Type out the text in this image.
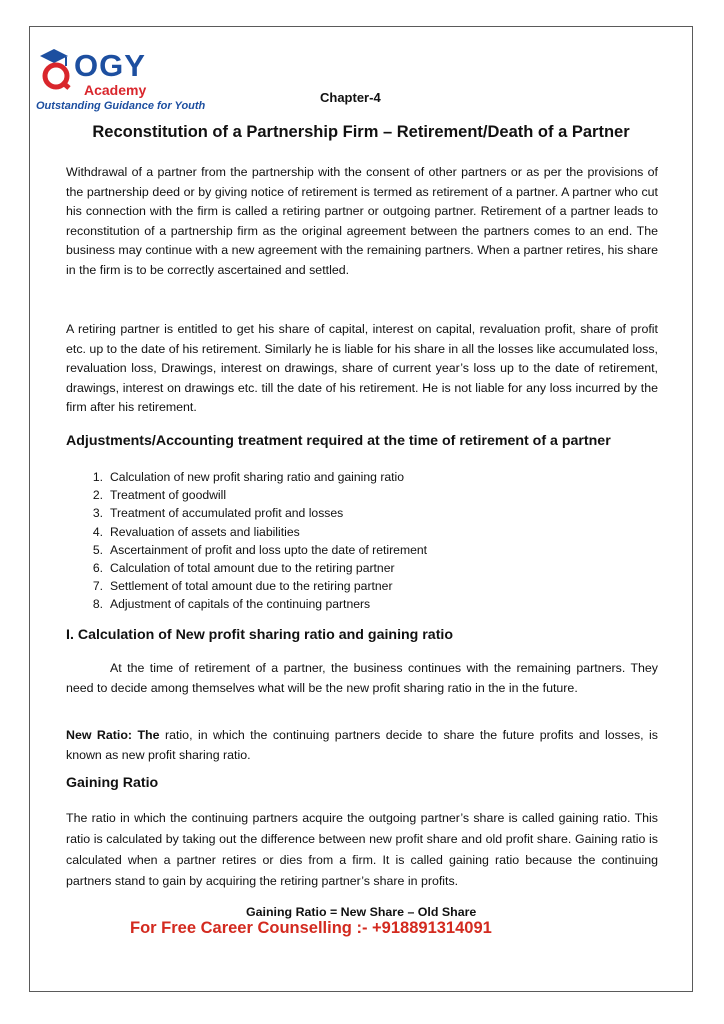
OGY
Academy
Outstanding Guidance for Youth
Chapter-4
Reconstitution of a Partnership Firm – Retirement/Death of a Partner

Withdrawal of a partner from the partnership with the consent of other partners or as per the provisions of the partnership deed or by giving notice of retirement is termed as retirement of a partner. A partner who cut his connection with the firm is called a retiring partner or outgoing partner. Retirement of a partner leads to reconstitution of a partnership firm as the original agreement between the partners comes to an end. The business may continue with a new agreement with the remaining partners. When a partner retires, his share in the firm is to be correctly ascertained and settled.

A retiring partner is entitled to get his share of capital, interest on capital, revaluation profit, share of profit etc. up to the date of his retirement. Similarly he is liable for his share in all the losses like accumulated loss, revaluation loss, Drawings, interest on drawings, share of current year’s loss up to the date of retirement, drawings, interest on drawings etc. till the date of his retirement. He is not liable for any loss incurred by the firm after his retirement.

Adjustments/Accounting treatment required at the time of retirement of a partner
1. Calculation of new profit sharing ratio and gaining ratio
2. Treatment of goodwill
3. Treatment of accumulated profit and losses
4. Revaluation of assets and liabilities
5. Ascertainment of profit and loss upto the date of retirement
6. Calculation of total amount due to the retiring partner
7. Settlement of total amount due to the retiring partner
8. Adjustment of capitals of the continuing partners
I. Calculation of New profit sharing ratio and gaining ratio

At the time of retirement of a partner, the business continues with the remaining partners. They need to decide among themselves what will be the new profit sharing ratio in the in the future.

New Ratio: The ratio, in which the continuing partners decide to share the future profits and losses, is known as new profit sharing ratio.

Gaining Ratio

The ratio in which the continuing partners acquire the outgoing partner’s share is called gaining ratio. This ratio is calculated by taking out the difference between new profit share and old profit share. Gaining ratio is calculated when a partner retires or dies from a firm. It is called gaining ratio because the continuing partners stand to gain by acquiring the retiring partner’s share in profits.

Gaining Ratio = New Share – Old Share
For Free Career Counselling :- +918891314091
